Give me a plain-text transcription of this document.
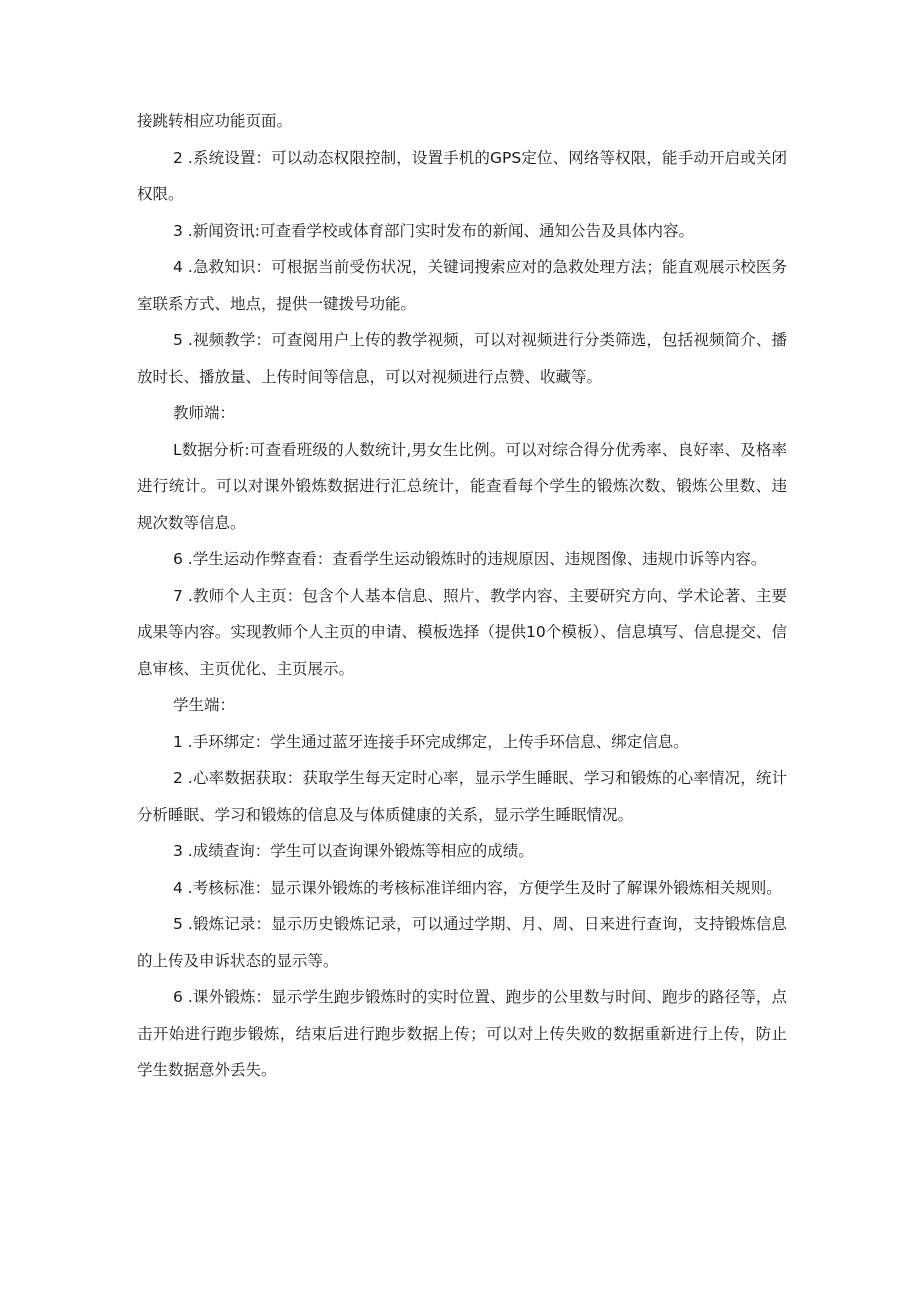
接跳转相应功能页面。

2 .系统设置：可以动态权限控制，设置手机的GPS定位、网络等权限，能手动开启或关闭权限。

3 .新闻资讯:可查看学校或体育部门实时发布的新闻、通知公告及具体内容。

4 .急救知识：可根据当前受伤状况，关键词搜索应对的急救处理方法；能直观展示校医务室联系方式、地点，提供一键拨号功能。

5 .视频教学：可查阅用户上传的教学视频，可以对视频进行分类筛选，包括视频简介、播放时长、播放量、上传时间等信息，可以对视频进行点赞、收藏等。

教师端：

L数据分析:可查看班级的人数统计,男女生比例。可以对综合得分优秀率、良好率、及格率进行统计。可以对课外锻炼数据进行汇总统计，能查看每个学生的锻炼次数、锻炼公里数、违规次数等信息。

6 .学生运动作弊查看：查看学生运动锻炼时的违规原因、违规图像、违规巾诉等内容。

7 .教师个人主页：包含个人基本信息、照片、教学内容、主要研究方向、学术论著、主要成果等内容。实现教师个人主页的申请、模板选择（提供10个模板）、信息填写、信息提交、信息审核、主页优化、主页展示。

学生端：

1 .手环绑定：学生通过蓝牙连接手环完成绑定，上传手环信息、绑定信息。

2 .心率数据获取：获取学生每天定时心率，显示学生睡眠、学习和锻炼的心率情况，统计分析睡眠、学习和锻炼的信息及与体质健康的关系，显示学生睡眠情况。

3 .成绩查询：学生可以查询课外锻炼等相应的成绩。

4 .考核标准：显示课外锻炼的考核标准详细内容，方便学生及时了解课外锻炼相关规则。

5 .锻炼记录：显示历史锻炼记录，可以通过学期、月、周、日来进行查询，支持锻炼信息的上传及申诉状态的显示等。

6 .课外锻炼：显示学生跑步锻炼时的实时位置、跑步的公里数与时间、跑步的路径等，点击开始进行跑步锻炼，结束后进行跑步数据上传；可以对上传失败的数据重新进行上传，防止学生数据意外丢失。
